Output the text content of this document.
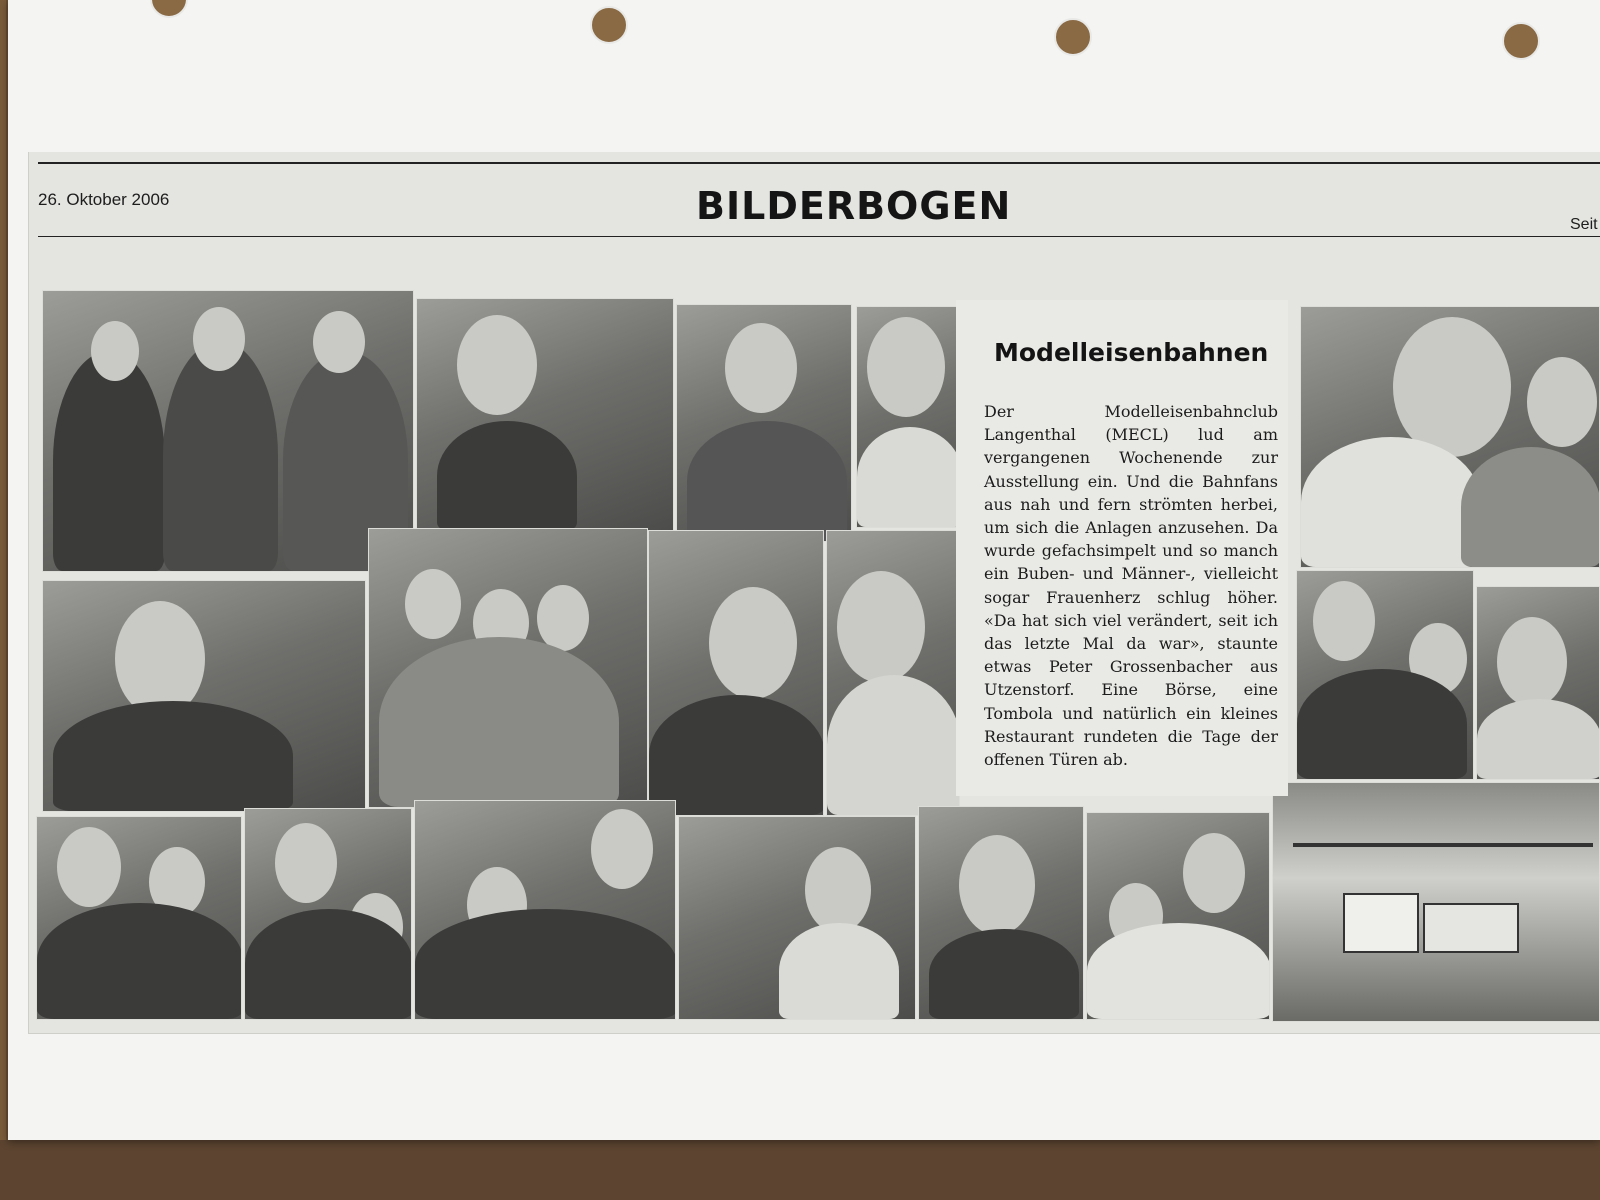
26. Oktober 2006	BILDERBOGEN	Seit
Modelleisenbahnen
Der Modelleisenbahnclub Langenthal (MECL) lud am vergangenen Wochenende zur Ausstellung ein. Und die Bahnfans aus nah und fern strömten herbei, um sich die Anlagen anzusehen. Da wurde gefachsimpelt und so manch ein Buben- und Männer-, vielleicht sogar Frauenherz schlug höher. «Da hat sich viel verändert, seit ich das letzte Mal da war», staunte etwas Peter Grossenbacher aus Utzenstorf. Eine Börse, eine Tombola und natürlich ein kleines Restaurant rundeten die Tage der offenen Türen ab.
